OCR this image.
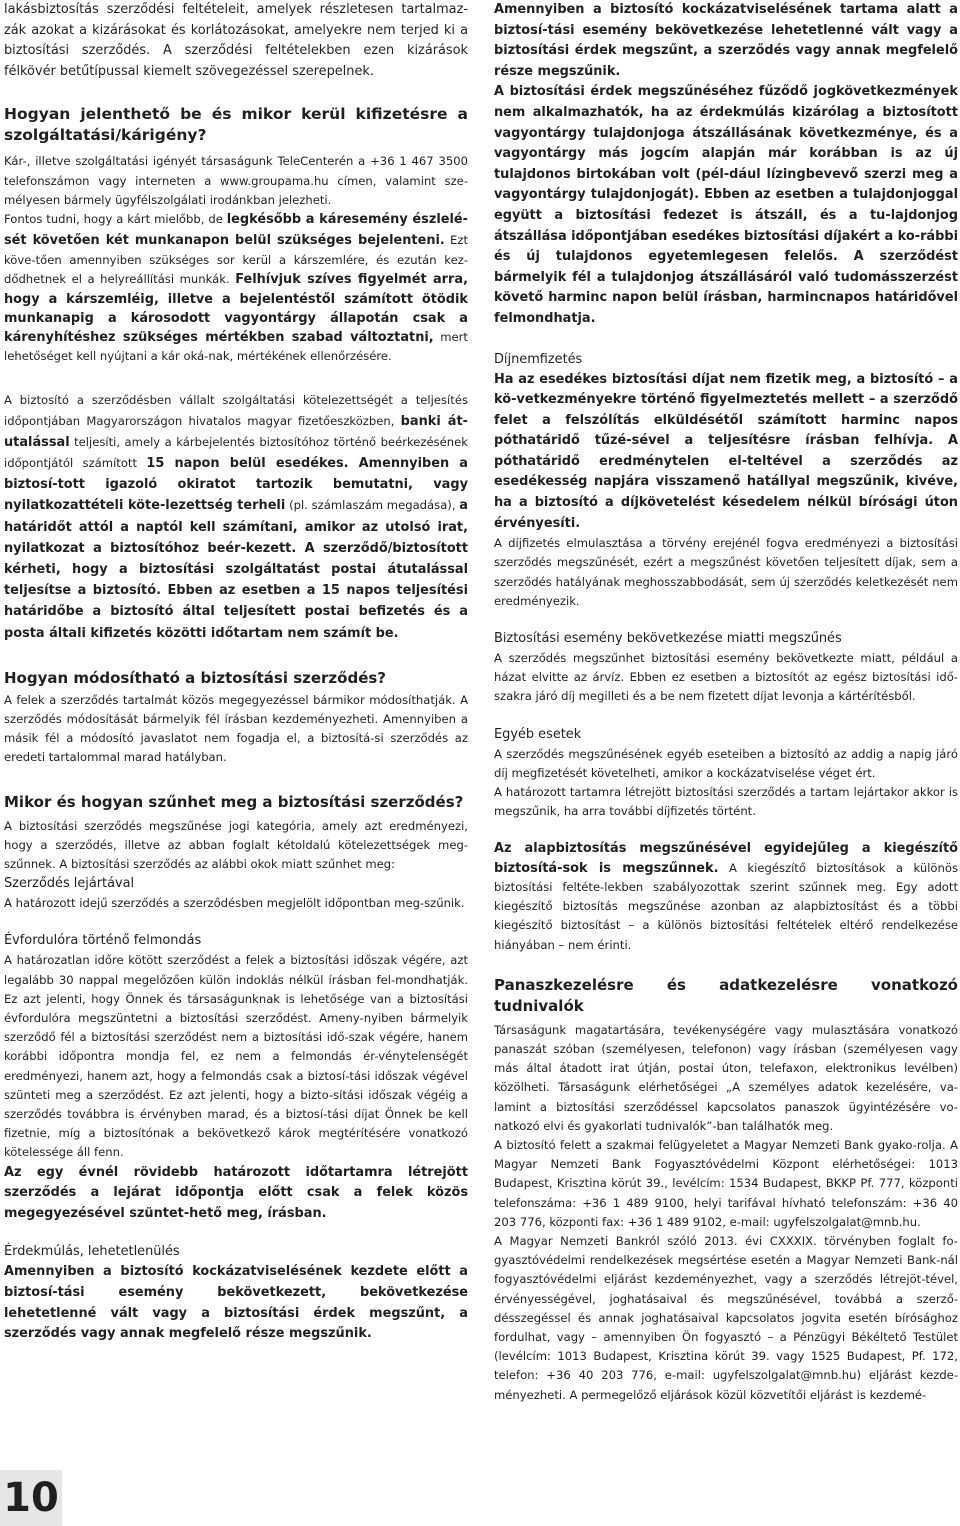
lakásbiztosítás szerződési feltételeit, amelyek részletesen tartalmaz-zák azokat a kizárásokat és korlátozásokat, amelyekre nem terjed ki a biztosítási szerződés. A szerződési feltételekben ezen kizárások félkövér betűtípussal kiemelt szövegezéssel szerepelnek.

Hogyan jelenthető be és mikor kerül kifizetésre a szolgáltatási/kárigény?

Kár-, illetve szolgáltatási igényét társaságunk TeleCenterén a +36 1 467 3500 telefonszámon vagy interneten a www.groupama.hu címen, valamint sze-mélyesen bármely ügyfélszolgálati irodánkban jelezheti.

Fontos tudni, hogy a kárt mielőbb, de legkésőbb a káresemény észlelé-sét követően két munkanapon belül szükséges bejelenteni. Ezt köve-tően amennyiben szükséges sor kerül a kárszemlére, és ezután kez-dődhetnek el a helyreállítási munkák. Felhívjuk szíves figyelmét arra, hogy a kárszemléig, illetve a bejelentéstől számított ötödik munkanapig a károsodott vagyontárgy állapotán csak a kárenyhítéshez szükséges mértékben szabad változtatni, mert lehetőséget kell nyújtani a kár oká-nak, mértékének ellenőrzésére.

A biztosító a szerződésben vállalt szolgáltatási kötelezettségét a teljesítés időpontjában Magyarországon hivatalos magyar fizetőeszközben, banki át-utalással teljesíti, amely a kárbejelentés biztosítóhoz történő beérkezésének időpontjától számított 15 napon belül esedékes. Amennyiben a biztosí-tott igazoló okiratot tartozik bemutatni, vagy nyilatkozattételi köte-lezettség terheli (pl. számlaszám megadása), a határidőt attól a naptól kell számítani, amikor az utolsó irat, nyilatkozat a biztosítóhoz beér-kezett. A szerződő/biztosított kérheti, hogy a biztosítási szolgáltatást postai átutalással teljesítse a biztosító. Ebben az esetben a 15 napos teljesítési határidőbe a biztosító által teljesített postai befizetés és a posta általi kifizetés közötti időtartam nem számít be.

Hogyan módosítható a biztosítási szerződés?

A felek a szerződés tartalmát közös megegyezéssel bármikor módosíthatják. A szerződés módosítását bármelyik fél írásban kezdeményezheti. Amennyiben a másik fél a módosító javaslatot nem fogadja el, a biztosítá-si szerződés az eredeti tartalommal marad hatályban.

Mikor és hogyan szűnhet meg a biztosítási szerződés?

A biztosítási szerződés megszűnése jogi kategória, amely azt eredményezi, hogy a szerződés, illetve az abban foglalt kétoldalú kötelezettségek meg-szűnnek. A biztosítási szerződés az alábbi okok miatt szűnhet meg:

Szerződés lejártával

A határozott idejű szerződés a szerződésben megjelölt időpontban meg-szűnik.

Évfordulóra történő felmondás

A határozatlan időre kötött szerződést a felek a biztosítási időszak végére, azt legalább 30 nappal megelőzően külön indoklás nélkül írásban fel-mondhatják. Ez azt jelenti, hogy Önnek és társaságunknak is lehetősége van a biztosítási évfordulóra megszüntetni a biztosítási szerződést. Ameny-nyiben bármelyik szerződő fél a biztosítási szerződést nem a biztosítási idő-szak végére, hanem korábbi időpontra mondja fel, ez nem a felmondás ér-vénytelenségét eredményezi, hanem azt, hogy a felmondás csak a biztosí-tási időszak végével szünteti meg a szerződést. Ez azt jelenti, hogy a bizto-sítási időszak végéig a szerződés továbbra is érvényben marad, és a biztosí-tási díjat Önnek be kell fizetnie, míg a biztosítónak a bekövetkező károk megtérítésére vonatkozó kötelessége áll fenn.

Az egy évnél rövidebb határozott időtartamra létrejött szerződés a lejárat időpontja előtt csak a felek közös megegyezésével szüntet-hető meg, írásban.

Érdekmúlás, lehetetlenülés

Amennyiben a biztosító kockázatviselésének kezdete előtt a biztosí-tási esemény bekövetkezett, bekövetkezése lehetetlenné vált vagy a biztosítási érdek megszűnt, a szerződés vagy annak megfelelő része megszűnik.

Amennyiben a biztosító kockázatviselésének tartama alatt a biztosí-tási esemény bekövetkezése lehetetlenné vált vagy a biztosítási érdek megszűnt, a szerződés vagy annak megfelelő része megszűnik.

A biztosítási érdek megszűnéséhez fűződő jogkövetkezmények nem alkalmazhatók, ha az érdekmúlás kizárólag a biztosított vagyontárgy tulajdonjoga átszállásának következménye, és a vagyontárgy más jogcím alapján már korábban is az új tulajdonos birtokában volt (pél-dául lízingbevevő szerzi meg a vagyontárgy tulajdonjogát). Ebben az esetben a tulajdonjoggal együtt a biztosítási fedezet is átszáll, és a tu-lajdonjog átszállása időpontjában esedékes biztosítási díjakért a ko-rábbi és új tulajdonos egyetemlegesen felelős. A szerződést bármelyik fél a tulajdonjog átszállásáról való tudomásszerzést követő harminc napon belül írásban, harmincnapos határidővel felmondhatja.

Díjnemfizetés

Ha az esedékes biztosítási díjat nem fizetik meg, a biztosító – a kö-vetkezményekre történő figyelmeztetés mellett – a szerződő felet a felszólítás elküldésétől számított harminc napos póthatáridő tűzé-sével a teljesítésre írásban felhívja. A póthatáridő eredménytelen el-teltével a szerződés az esedékesség napjára visszamenő hatállyal megszűnik, kivéve, ha a biztosító a díjkövetelést késedelem nélkül bírósági úton érvényesíti.

A díjfizetés elmulasztása a törvény erejénél fogva eredményezi a biztosítási szerződés megszűnését, ezért a megszűnést követően teljesített díjak, sem a szerződés hatályának meghosszabbodását, sem új szerződés keletkezését nem eredményezik.

Biztosítási esemény bekövetkezése miatti megszűnés

A szerződés megszűnhet biztosítási esemény bekövetkezte miatt, például a házat elvitte az árvíz. Ebben ez esetben a biztosítót az egész biztosítási idő-szakra járó díj megilleti és a be nem fizetett díjat levonja a kártérítésből.

Egyéb esetek

A szerződés megszűnésének egyéb eseteiben a biztosító az addig a napig járó díj megfizetését követelheti, amikor a kockázatviselése véget ért.

A határozott tartamra létrejött biztosítási szerződés a tartam lejártakor akkor is megszűnik, ha arra további díjfizetés történt.

Az alapbiztosítás megszűnésével egyidejűleg a kiegészítő biztosítá-sok is megszűnnek. A kiegészítő biztosítások a különös biztosítási feltéte-lekben szabályozottak szerint szűnnek meg. Egy adott kiegészítő biztosítás megszűnése azonban az alapbiztosítást és a többi kiegészítő biztosítást – a különös biztosítási feltételek eltérő rendelkezése hiányában – nem érinti.

Panaszkezelésre és adatkezelésre vonatkozó tudnivalók

Társaságunk magatartására, tevékenységére vagy mulasztására vonatkozó panaszát szóban (személyesen, telefonon) vagy írásban (személyesen vagy más által átadott irat útján, postai úton, telefaxon, elektronikus levélben) közölheti. Társaságunk elérhetőségei „A személyes adatok kezelésére, va-lamint a biztosítási szerződéssel kapcsolatos panaszok ügyintézésére vo-natkozó elvi és gyakorlati tudnivalók”-ban találhatók meg.

A biztosító felett a szakmai felügyeletet a Magyar Nemzeti Bank gyako-rolja. A Magyar Nemzeti Bank Fogyasztóvédelmi Központ elérhetőségei: 1013 Budapest, Krisztina körút 39., levélcím: 1534 Budapest, BKKP Pf. 777, központi telefonszáma: +36 1 489 9100, helyi tarifával hívható telefonszám: +36 40 203 776, központi fax: +36 1 489 9102, e-mail: ugyfelszolgalat@mnb.hu.

A Magyar Nemzeti Bankról szóló 2013. évi CXXXIX. törvényben foglalt fo-gyasztóvédelmi rendelkezések megsértése esetén a Magyar Nemzeti Bank-nál fogyasztóvédelmi eljárást kezdeményezhet, vagy a szerződés létrejöt-tével, érvényességével, joghatásaival és megszűnésével, továbbá a szerző-désszegéssel és annak joghatásaival kapcsolatos jogvita esetén bírósághoz fordulhat, vagy – amennyiben Ön fogyasztó – a Pénzügyi Békéltető Testület (levélcím: 1013 Budapest, Krisztina körút 39. vagy 1525 Budapest, Pf. 172, telefon: +36 40 203 776, e-mail: ugyfelszolgalat@mnb.hu) eljárást kezde-ményezheti. A permegelőző eljárások közül közvetítői eljárást is kezdemé-

10
